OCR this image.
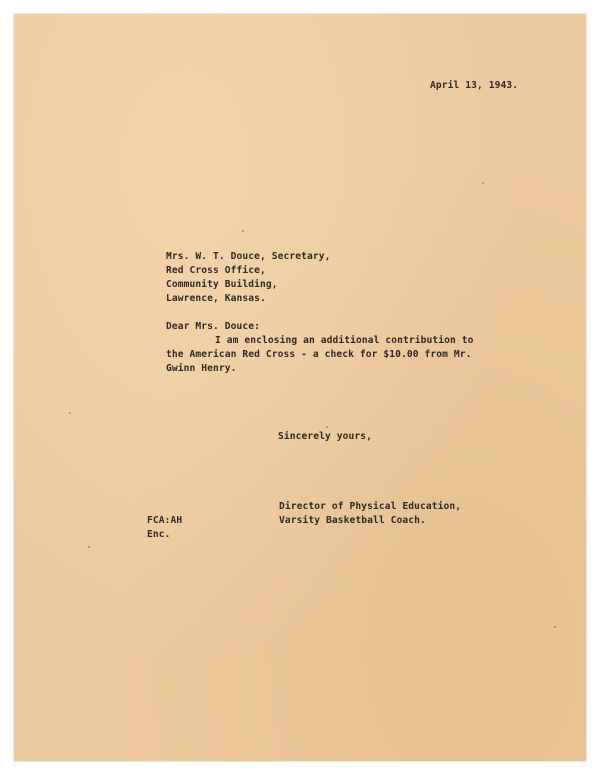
April 13, 1943.
Mrs. W. T. Douce, Secretary,
Red Cross Office,
Community Building,
Lawrence, Kansas.
Dear Mrs. Douce:
I am enclosing an additional contribution to
the American Red Cross - a check for $10.00 from Mr.
Gwinn Henry.
Sincerely yours,
Director of Physical Education,
Varsity Basketball Coach.
FCA:AH
Enc.
